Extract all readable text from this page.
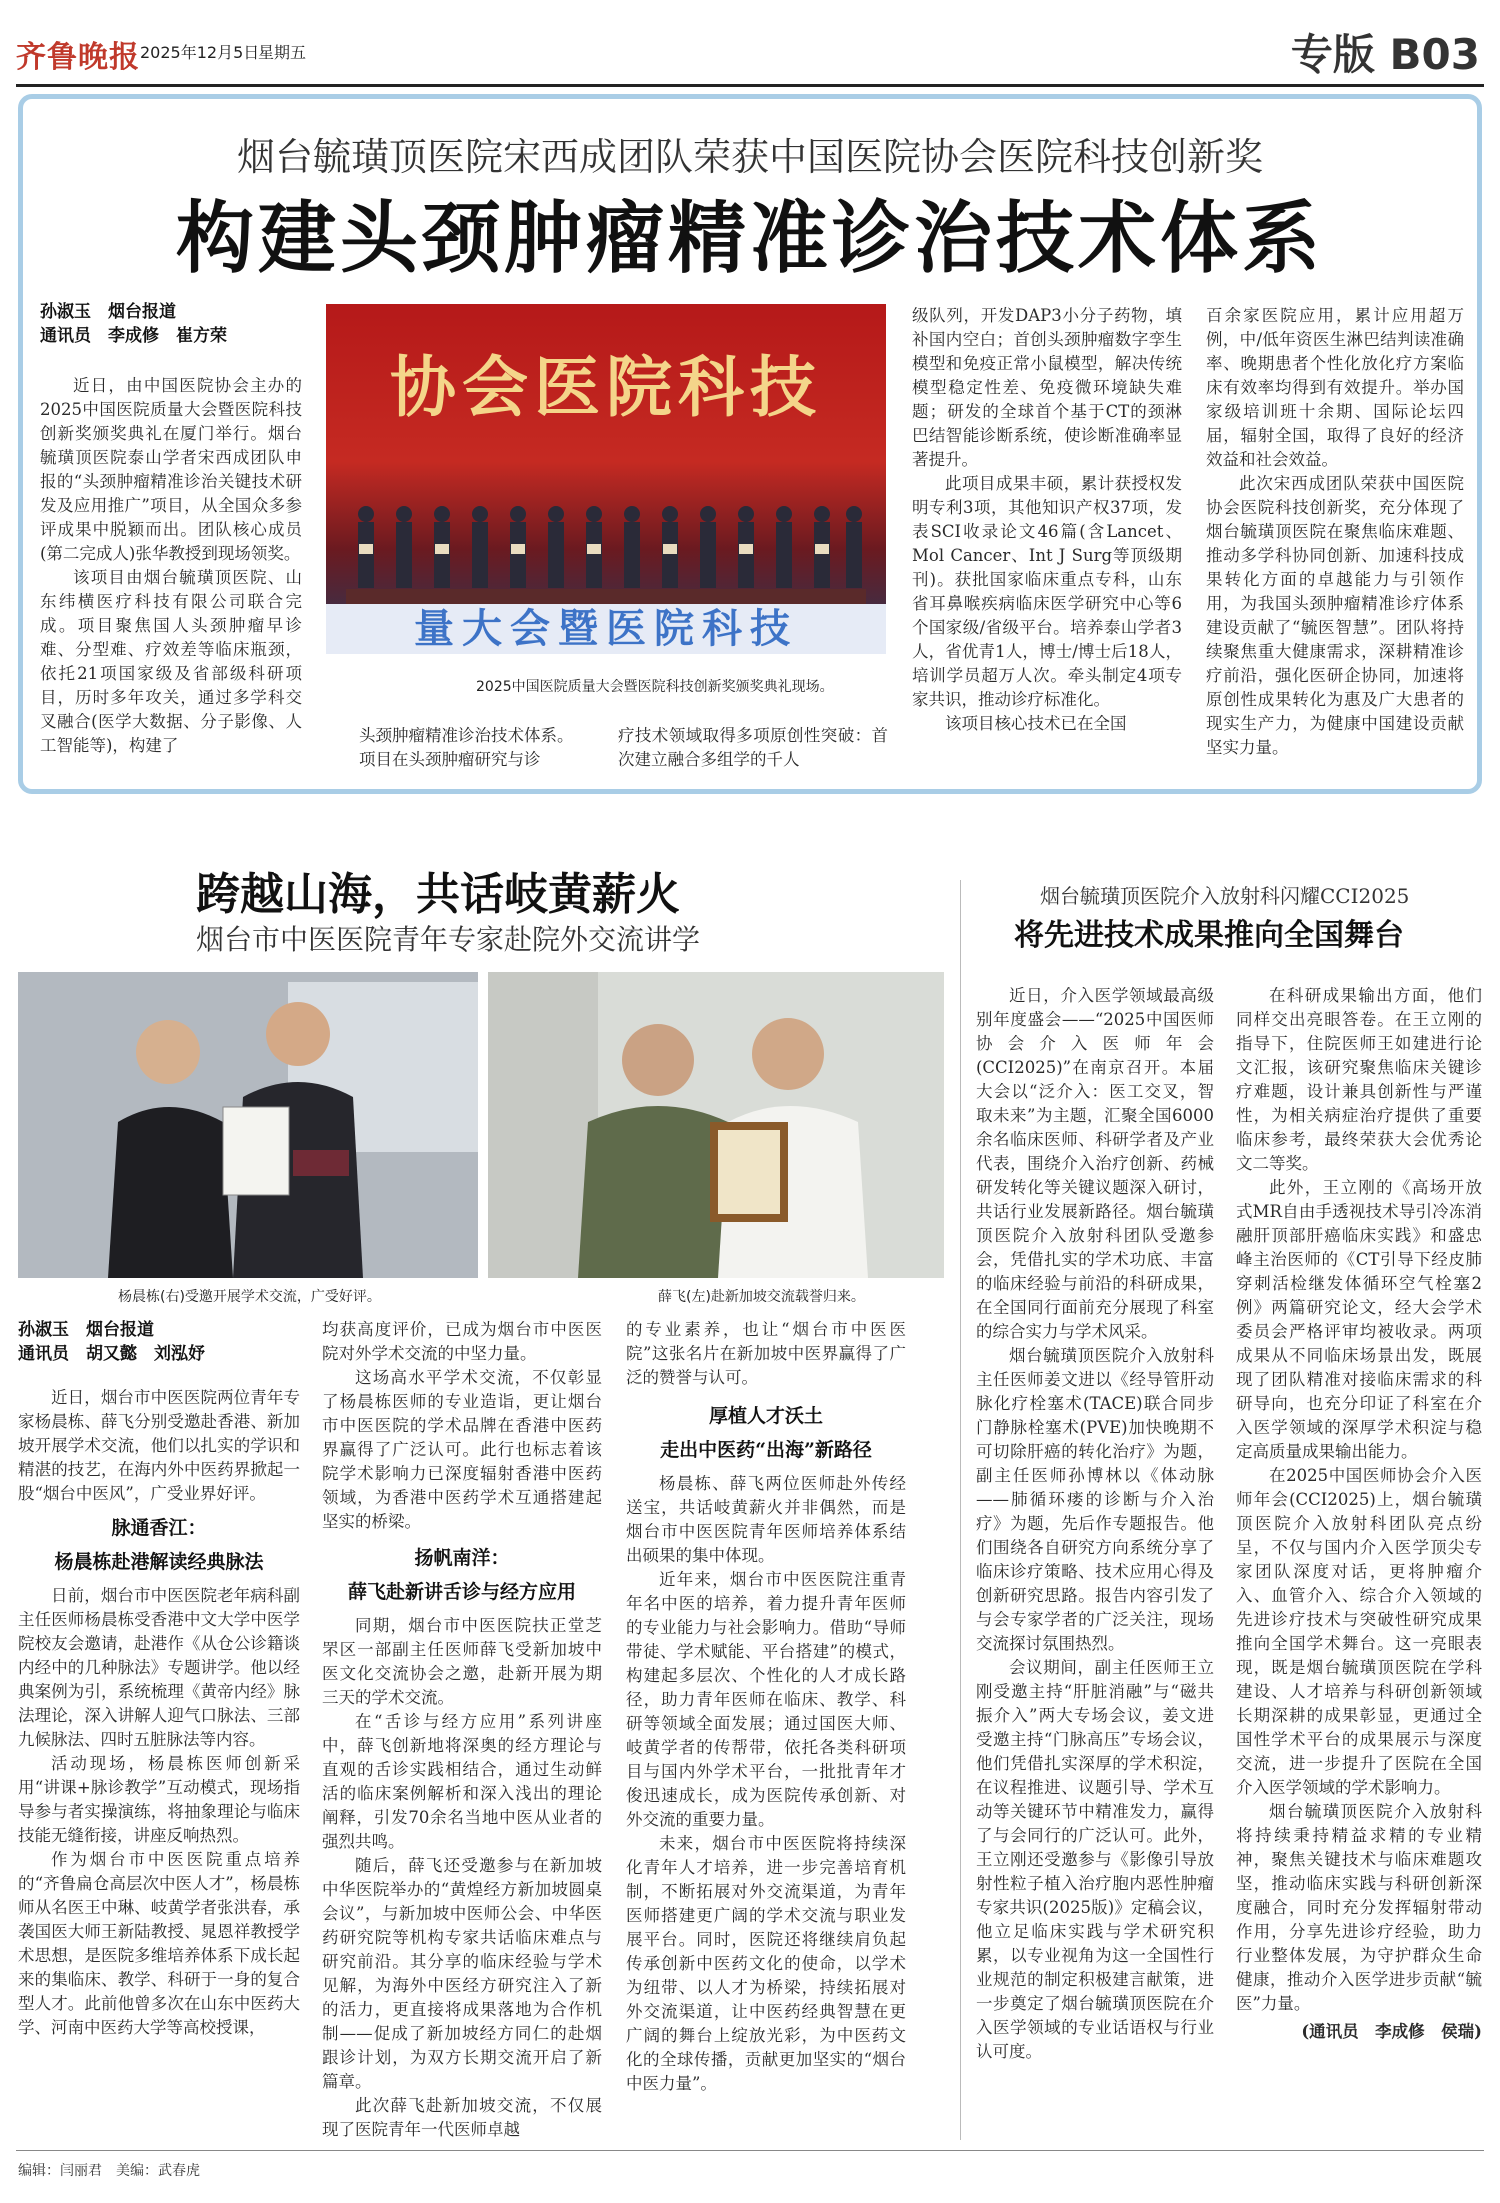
齐鲁晚报 2025年12月5日
星期五	专版 B03
烟台毓璜顶医院宋西成团队荣获中国医院协会医院科技创新奖
构建头颈肿瘤精准诊治技术体系
孙淑玉　烟台报道
通讯员　李成修　崔方荣

近日，由中国医院协会主办的2025中国医院质量大会暨医院科技创新奖颁奖典礼在厦门举行。烟台毓璜顶医院泰山学者宋西成团队申报的“头颈肿瘤精准诊治关键技术研发及应用推广”项目，从全国众多参评成果中脱颖而出。团队核心成员(第二完成人)张华教授到现场领奖。

该项目由烟台毓璜顶医院、山东纬横医疗科技有限公司联合完成。项目聚焦国人头颈肿瘤早诊难、分型难、疗效差等临床瓶颈，依托21项国家级及省部级科研项目，历时多年攻关，通过多学科交叉融合(医学大数据、分子影像、人工智能等)，构建了

协会医院科技
量大会暨医院科技
2025中国医院质量大会暨医院科技创新奖颁奖典礼现场。

头颈肿瘤精准诊治技术体系。

项目在头颈肿瘤研究与诊

疗技术领域取得多项原创性突破：首次建立融合多组学的千人

级队列，开发DAP3小分子药物，填补国内空白；首创头颈肿瘤数字孪生模型和免疫正常小鼠模型，解决传统模型稳定性差、免疫微环境缺失难题；研发的全球首个基于CT的颈淋巴结智能诊断系统，使诊断准确率显著提升。

此项目成果丰硕，累计获授权发明专利3项，其他知识产权37项，发表SCI收录论文46篇(含Lancet、Mol Cancer、Int J Surg等顶级期刊)。获批国家临床重点专科，山东省耳鼻喉疾病临床医学研究中心等6个国家级/省级平台。培养泰山学者3人，省优青1人，博士/博士后18人，培训学员超万人次。牵头制定4项专家共识，推动诊疗标准化。

该项目核心技术已在全国

百余家医院应用，累计应用超万例，中/低年资医生淋巴结判读准确率、晚期患者个性化放化疗方案临床有效率均得到有效提升。举办国家级培训班十余期、国际论坛四届，辐射全国，取得了良好的经济效益和社会效益。

此次宋西成团队荣获中国医院协会医院科技创新奖，充分体现了烟台毓璜顶医院在聚焦临床难题、推动多学科协同创新、加速科技成果转化方面的卓越能力与引领作用，为我国头颈肿瘤精准诊疗体系建设贡献了“毓医智慧”。团队将持续聚焦重大健康需求，深耕精准诊疗前沿，强化医研企协同，加速将原创性成果转化为惠及广大患者的现实生产力，为健康中国建设贡献坚实力量。

跨越山海，共话岐黄薪火
烟台市中医医院青年专家赴院外交流讲学
杨晨栋(右)受邀开展学术交流，广受好评。	薛飞(左)赴新加坡交流载誉归来。
孙淑玉　烟台报道
通讯员　胡又懿　刘泓妤

近日，烟台市中医医院两位青年专家杨晨栋、薛飞分别受邀赴香港、新加坡开展学术交流，他们以扎实的学识和精湛的技艺，在海内外中医药界掀起一股“烟台中医风”，广受业界好评。

脉通香江：
杨晨栋赴港解读经典脉法

日前，烟台市中医医院老年病科副主任医师杨晨栋受香港中文大学中医学院校友会邀请，赴港作《从仓公诊籍谈内经中的几种脉法》专题讲学。他以经典案例为引，系统梳理《黄帝内经》脉法理论，深入讲解人迎气口脉法、三部九候脉法、四时五脏脉法等内容。

活动现场，杨晨栋医师创新采用“讲课+脉诊教学”互动模式，现场指导参与者实操演练，将抽象理论与临床技能无缝衔接，讲座反响热烈。

作为烟台市中医医院重点培养的“齐鲁扁仓高层次中医人才”，杨晨栋师从名医王中琳、岐黄学者张洪春，承袭国医大师王新陆教授、晁恩祥教授学术思想，是医院多维培养体系下成长起来的集临床、教学、科研于一身的复合型人才。此前他曾多次在山东中医药大学、河南中医药大学等高校授课，

均获高度评价，已成为烟台市中医医院对外学术交流的中坚力量。

这场高水平学术交流，不仅彰显了杨晨栋医师的专业造诣，更让烟台市中医医院的学术品牌在香港中医药界赢得了广泛认可。此行也标志着该院学术影响力已深度辐射香港中医药领域，为香港中医药学术互通搭建起坚实的桥梁。

扬帆南洋：
薛飞赴新讲舌诊与经方应用

同期，烟台市中医医院扶正堂芝罘区一部副主任医师薛飞受新加坡中医文化交流协会之邀，赴新开展为期三天的学术交流。

在“舌诊与经方应用”系列讲座中，薛飞创新地将深奥的经方理论与直观的舌诊实践相结合，通过生动鲜活的临床案例解析和深入浅出的理论阐释，引发70余名当地中医从业者的强烈共鸣。

随后，薛飞还受邀参与在新加坡中华医院举办的“黄煌经方新加坡圆桌会议”，与新加坡中医师公会、中华医药研究院等机构专家共话临床难点与研究前沿。其分享的临床经验与学术见解，为海外中医经方研究注入了新的活力，更直接将成果落地为合作机制——促成了新加坡经方同仁的赴烟跟诊计划，为双方长期交流开启了新篇章。

此次薛飞赴新加坡交流，不仅展现了医院青年一代医师卓越

的专业素养，也让“烟台市中医医院”这张名片在新加坡中医界赢得了广泛的赞誉与认可。

厚植人才沃土
走出中医药“出海”新路径

杨晨栋、薛飞两位医师赴外传经送宝，共话岐黄薪火并非偶然，而是烟台市中医医院青年医师培养体系结出硕果的集中体现。

近年来，烟台市中医医院注重青年名中医的培养，着力提升青年医师的专业能力与社会影响力。借助“导师带徒、学术赋能、平台搭建”的模式，构建起多层次、个性化的人才成长路径，助力青年医师在临床、教学、科研等领域全面发展；通过国医大师、岐黄学者的传帮带，依托各类科研项目与国内外学术平台，一批批青年才俊迅速成长，成为医院传承创新、对外交流的重要力量。

未来，烟台市中医医院将持续深化青年人才培养，进一步完善培育机制，不断拓展对外交流渠道，为青年医师搭建更广阔的学术交流与职业发展平台。同时，医院还将继续肩负起传承创新中医药文化的使命，以学术为纽带、以人才为桥梁，持续拓展对外交流渠道，让中医药经典智慧在更广阔的舞台上绽放光彩，为中医药文化的全球传播，贡献更加坚实的“烟台中医力量”。

烟台毓璜顶医院介入放射科闪耀CCI2025
将先进技术成果推向全国舞台

近日，介入医学领域最高级别年度盛会——“2025中国医师协会介入医师年会(CCI2025)”在南京召开。本届大会以“泛介入：医工交叉，智取未来”为主题，汇聚全国6000余名临床医师、科研学者及产业代表，围绕介入治疗创新、药械研发转化等关键议题深入研讨，共话行业发展新路径。烟台毓璜顶医院介入放射科团队受邀参会，凭借扎实的学术功底、丰富的临床经验与前沿的科研成果，在全国同行面前充分展现了科室的综合实力与学术风采。

烟台毓璜顶医院介入放射科主任医师姜文进以《经导管肝动脉化疗栓塞术(TACE)联合同步门静脉栓塞术(PVE)加快晚期不可切除肝癌的转化治疗》为题，副主任医师孙博林以《体动脉——肺循环瘘的诊断与介入治疗》为题，先后作专题报告。他们围绕各自研究方向系统分享了临床诊疗策略、技术应用心得及创新研究思路。报告内容引发了与会专家学者的广泛关注，现场交流探讨氛围热烈。

会议期间，副主任医师王立刚受邀主持“肝脏消融”与“磁共振介入”两大专场会议，姜文进受邀主持“门脉高压”专场会议，他们凭借扎实深厚的学术积淀，在议程推进、议题引导、学术互动等关键环节中精准发力，赢得了与会同行的广泛认可。此外，王立刚还受邀参与《影像引导放射性粒子植入治疗胞内恶性肿瘤专家共识(2025版)》定稿会议，他立足临床实践与学术研究积累，以专业视角为这一全国性行业规范的制定积极建言献策，进一步奠定了烟台毓璜顶医院在介入医学领域的专业话语权与行业认可度。

在科研成果输出方面，他们同样交出亮眼答卷。在王立刚的指导下，住院医师王如建进行论文汇报，该研究聚焦临床关键诊疗难题，设计兼具创新性与严谨性，为相关病症治疗提供了重要临床参考，最终荣获大会优秀论文二等奖。

此外，王立刚的《高场开放式MR自由手透视技术导引冷冻消融肝顶部肝癌临床实践》和盛忠峰主治医师的《CT引导下经皮肺穿刺活检继发体循环空气栓塞2例》两篇研究论文，经大会学术委员会严格评审均被收录。两项成果从不同临床场景出发，既展现了团队精准对接临床需求的科研导向，也充分印证了科室在介入医学领域的深厚学术积淀与稳定高质量成果输出能力。

在2025中国医师协会介入医师年会(CCI2025)上，烟台毓璜顶医院介入放射科团队亮点纷呈，不仅与国内介入医学顶尖专家团队深度对话，更将肿瘤介入、血管介入、综合介入领域的先进诊疗技术与突破性研究成果推向全国学术舞台。这一亮眼表现，既是烟台毓璜顶医院在学科建设、人才培养与科研创新领域长期深耕的成果彰显，更通过全国性学术平台的成果展示与深度交流，进一步提升了医院在全国介入医学领域的学术影响力。

烟台毓璜顶医院介入放射科将持续秉持精益求精的专业精神，聚焦关键技术与临床难题攻坚，推动临床实践与科研创新深度融合，同时充分发挥辐射带动作用，分享先进诊疗经验，助力行业整体发展，为守护群众生命健康，推动介入医学进步贡献“毓医”力量。

(通讯员　李成修　侯瑞)
编辑：闫丽君　美编：武春虎
